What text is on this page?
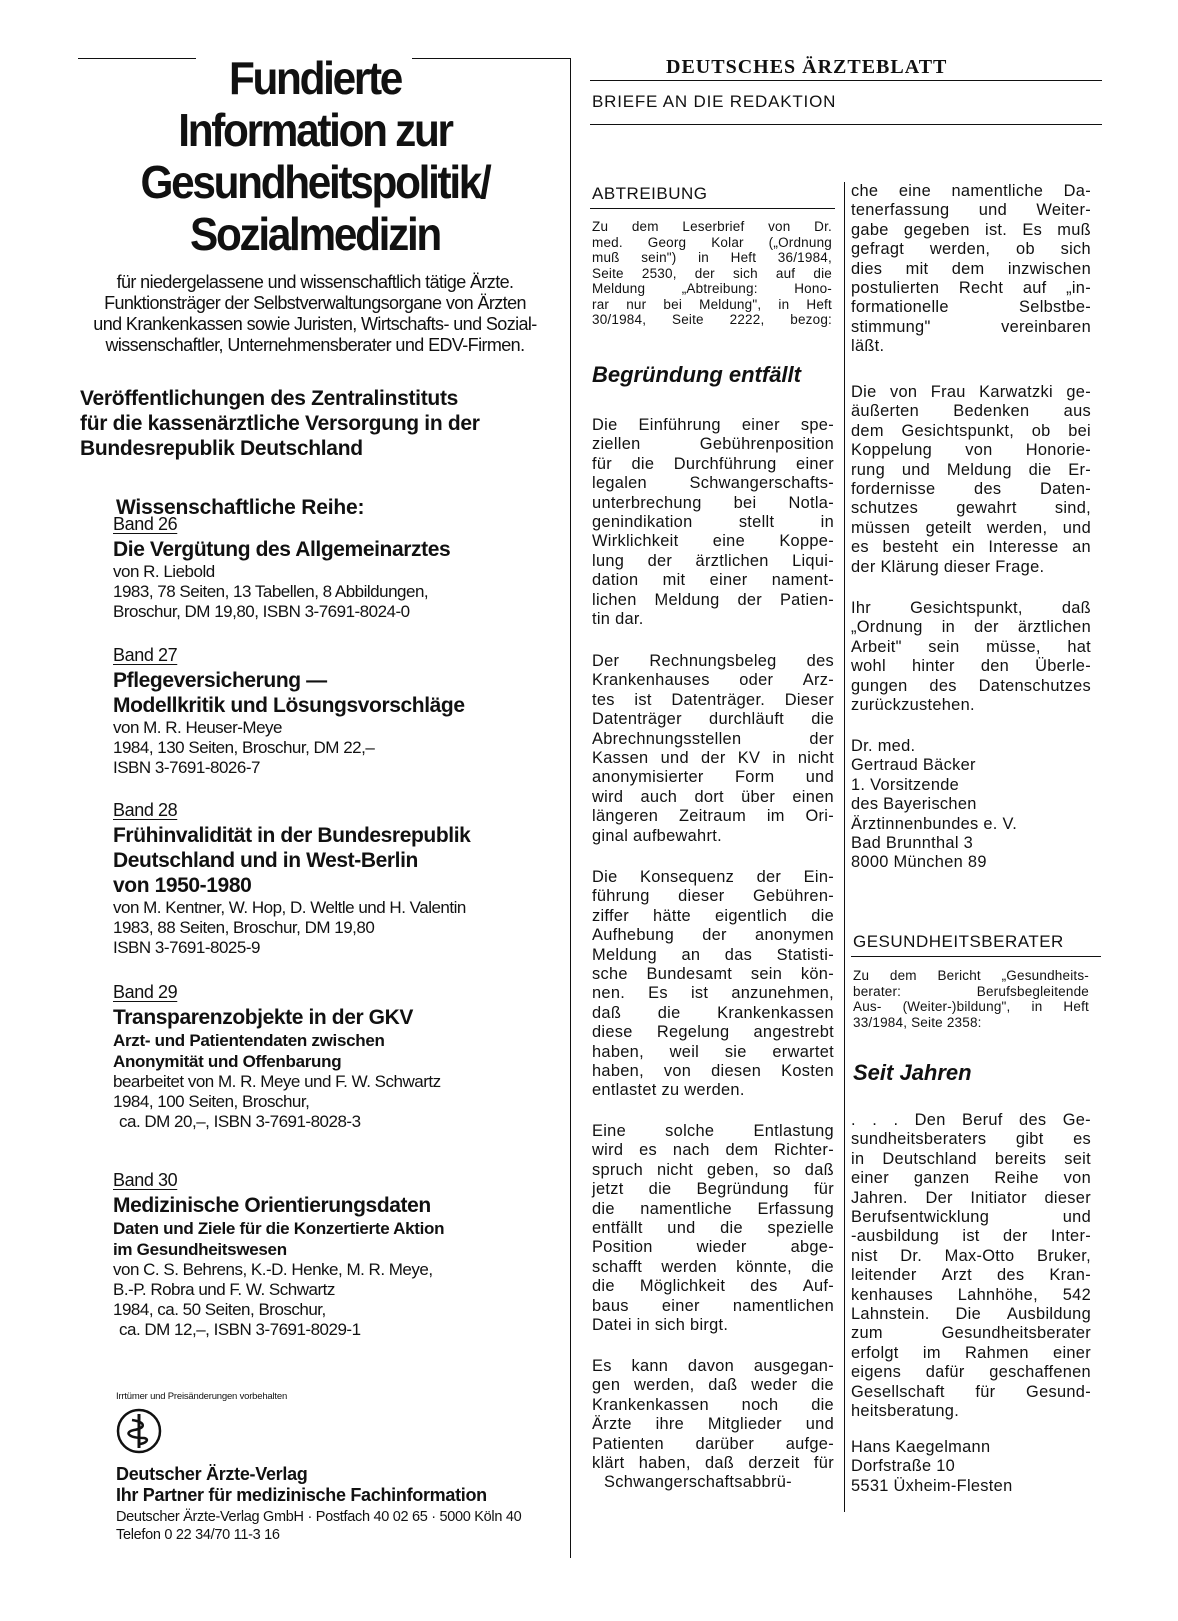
Fundierte
Information zur
Gesundheitspolitik/
Sozialmedizin
für niedergelassene und wissenschaftlich tätige Ärzte.
Funktionsträger der Selbstverwaltungsorgane von Ärzten
und Krankenkassen sowie Juristen, Wirtschafts- und Sozial-
wissenschaftler, Unternehmensberater und EDV-Firmen.
Veröffentlichungen des Zentralinstituts
für die kassenärztliche Versorgung in der
Bundesrepublik Deutschland
Wissenschaftliche Reihe:
Band 26
Die Vergütung des Allgemeinarztes
von R. Liebold
1983, 78 Seiten, 13 Tabellen, 8 Abbildungen,
Broschur, DM 19,80, ISBN 3-7691-8024-0
Band 27
Pflegeversicherung —
Modellkritik und Lösungsvorschläge
von M. R. Heuser-Meye
1984, 130 Seiten, Broschur, DM 22,–
ISBN 3-7691-8026-7
Band 28
Frühinvalidität in der Bundesrepublik
Deutschland und in West-Berlin
von 1950-1980
von M. Kentner, W. Hop, D. Weltle und H. Valentin
1983, 88 Seiten, Broschur, DM 19,80
ISBN 3-7691-8025-9
Band 29
Transparenzobjekte in der GKV
Arzt- und Patientendaten zwischen
Anonymität und Offenbarung
bearbeitet von M. R. Meye und F. W. Schwartz
1984, 100 Seiten, Broschur,
ca. DM 20,–, ISBN 3-7691-8028-3
Band 30
Medizinische Orientierungsdaten
Daten und Ziele für die Konzertierte Aktion
im Gesundheitswesen
von C. S. Behrens, K.-D. Henke, M. R. Meye,
B.-P. Robra und F. W. Schwartz
1984, ca. 50 Seiten, Broschur,
ca. DM 12,–, ISBN 3-7691-8029-1
Irrtümer und Preisänderungen vorbehalten
Deutscher Ärzte-Verlag
Ihr Partner für medizinische Fachinformation
Deutscher Ärzte-Verlag GmbH · Postfach 40 02 65 · 5000 Köln 40
Telefon 0 22 34/70 11-3 16
DEUTSCHES ÄRZTEBLATT
BRIEFE AN DIE REDAKTION
ABTREIBUNG
Zu dem Leserbrief von Dr.
med. Georg Kolar („Ordnung
muß sein") in Heft 36/1984,
Seite 2530, der sich auf die
Meldung	„Abtreibung:	Hono-
rar nur bei Meldung", in Heft
30/1984, Seite 2222, bezog:
Begründung entfällt
Die Einführung einer spe-
ziellen	Gebührenposition
für die Durchführung einer
legalen	Schwangerschafts-
unterbrechung bei Notla-
genindikation	stellt	in
Wirklichkeit eine Koppe-
lung der ärztlichen Liqui-
dation mit einer nament-
lichen Meldung der Patien-
tin dar.
Der Rechnungsbeleg des
Krankenhauses oder Arz-
tes ist Datenträger. Dieser
Datenträger durchläuft die
Abrechnungsstellen	der
Kassen und der KV in nicht
anonymisierter Form und
wird auch dort über einen
längeren Zeitraum im Ori-
ginal aufbewahrt.
Die Konsequenz der Ein-
führung dieser Gebühren-
ziffer hätte eigentlich die
Aufhebung der anonymen
Meldung an das Statisti-
sche Bundesamt sein kön-
nen. Es ist anzunehmen,
daß die Krankenkassen
diese Regelung angestrebt
haben, weil sie erwartet
haben, von diesen Kosten
entlastet zu werden.
Eine solche Entlastung
wird es nach dem Richter-
spruch nicht geben, so daß
jetzt die Begründung für
die namentliche Erfassung
entfällt und die spezielle
Position	wieder	abge-
schafft werden könnte, die
die Möglichkeit des Auf-
baus einer namentlichen
Datei in sich birgt.
Es kann davon ausgegan-
gen werden, daß weder die
Krankenkassen noch die
Ärzte ihre Mitglieder und
Patienten darüber aufge-
klärt haben, daß derzeit für
Schwangerschaftsabbrü-
che eine namentliche Da-
tenerfassung und Weiter-
gabe gegeben ist. Es muß
gefragt werden, ob sich
dies mit dem inzwischen
postulierten Recht auf „in-
formationelle	Selbstbe-
stimmung"	vereinbaren
läßt.
Die von Frau Karwatzki ge-
äußerten Bedenken aus
dem Gesichtspunkt, ob bei
Koppelung von Honorie-
rung und Meldung die Er-
fordernisse des Daten-
schutzes gewahrt sind,
müssen geteilt werden, und
es besteht ein Interesse an
der Klärung dieser Frage.
Ihr Gesichtspunkt, daß
„Ordnung in der ärztlichen
Arbeit" sein müsse, hat
wohl hinter den Überle-
gungen des Datenschutzes
zurückzustehen.
Dr. med.
Gertraud Bäcker
1. Vorsitzende
des Bayerischen
Ärztinnenbundes e. V.
Bad Brunnthal 3
8000 München 89
GESUNDHEITSBERATER
Zu dem Bericht „Gesundheits-
berater:	Berufsbegleitende
Aus- (Weiter-)bildung", in Heft
33/1984, Seite 2358:
Seit Jahren
. . . Den Beruf des Ge-
sundheitsberaters gibt es
in Deutschland bereits seit
einer ganzen Reihe von
Jahren. Der Initiator dieser
Berufsentwicklung	und
-ausbildung ist der Inter-
nist Dr. Max-Otto Bruker,
leitender Arzt des Kran-
kenhauses Lahnhöhe, 542
Lahnstein. Die Ausbildung
zum	Gesundheitsberater
erfolgt im Rahmen einer
eigens dafür geschaffenen
Gesellschaft für Gesund-
heitsberatung.
Hans Kaegelmann
Dorfstraße 10
5531 Üxheim-Flesten
